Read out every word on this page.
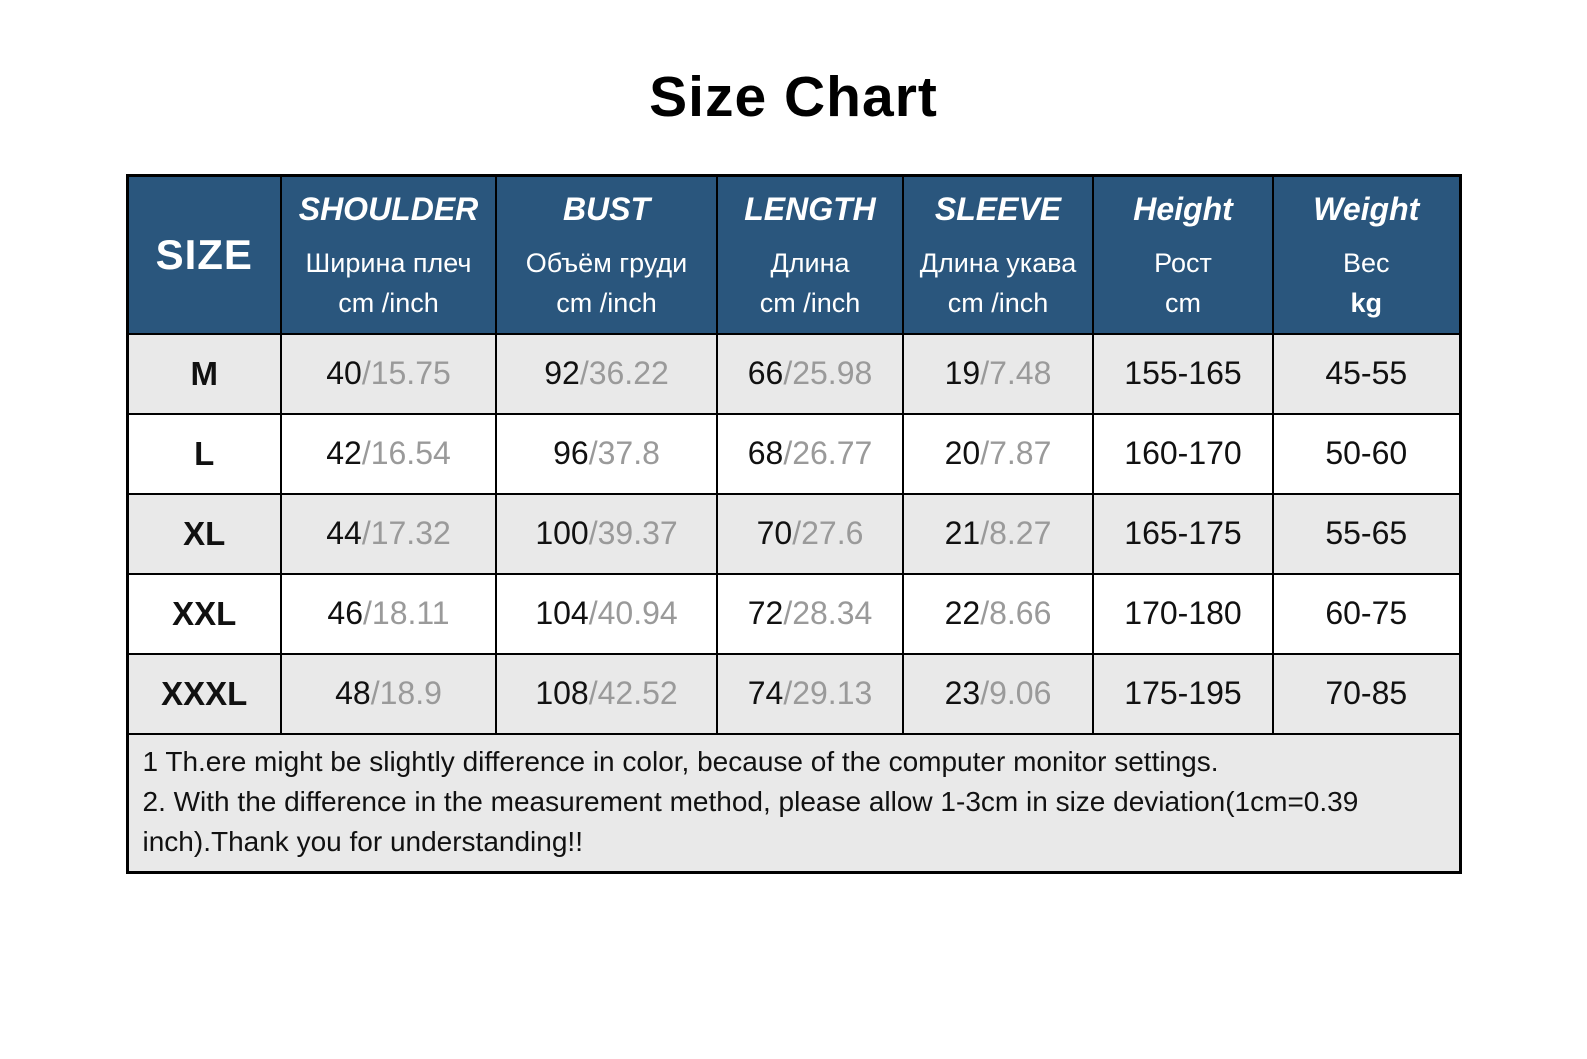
Size Chart
SIZE

SHOULDER
Ширина плеч
cm /inch

BUST
Объём груди
cm /inch

LENGTH
Длина
cm /inch

SLEEVE
Длина укава
cm /inch

Height
Рост
cm

Weight
Вес
kg

M	40/15.75	92/36.22	66/25.98	19/7.48	155-165	45-55
L	42/16.54	96/37.8	68/26.77	20/7.87	160-170	50-60
XL	44/17.32	100/39.37	70/27.6	21/8.27	165-175	55-65
XXL	46/18.11	104/40.94	72/28.34	22/8.66	170-180	60-75
XXXL	48/18.9	108/42.52	74/29.13	23/9.06	175-195	70-85

1 Th.ere might be slightly difference in color, because of the computer monitor settings.
2. With the difference in the measurement method, please allow 1-3cm in size deviation(1cm=0.39 inch).Thank you for understanding!!						
